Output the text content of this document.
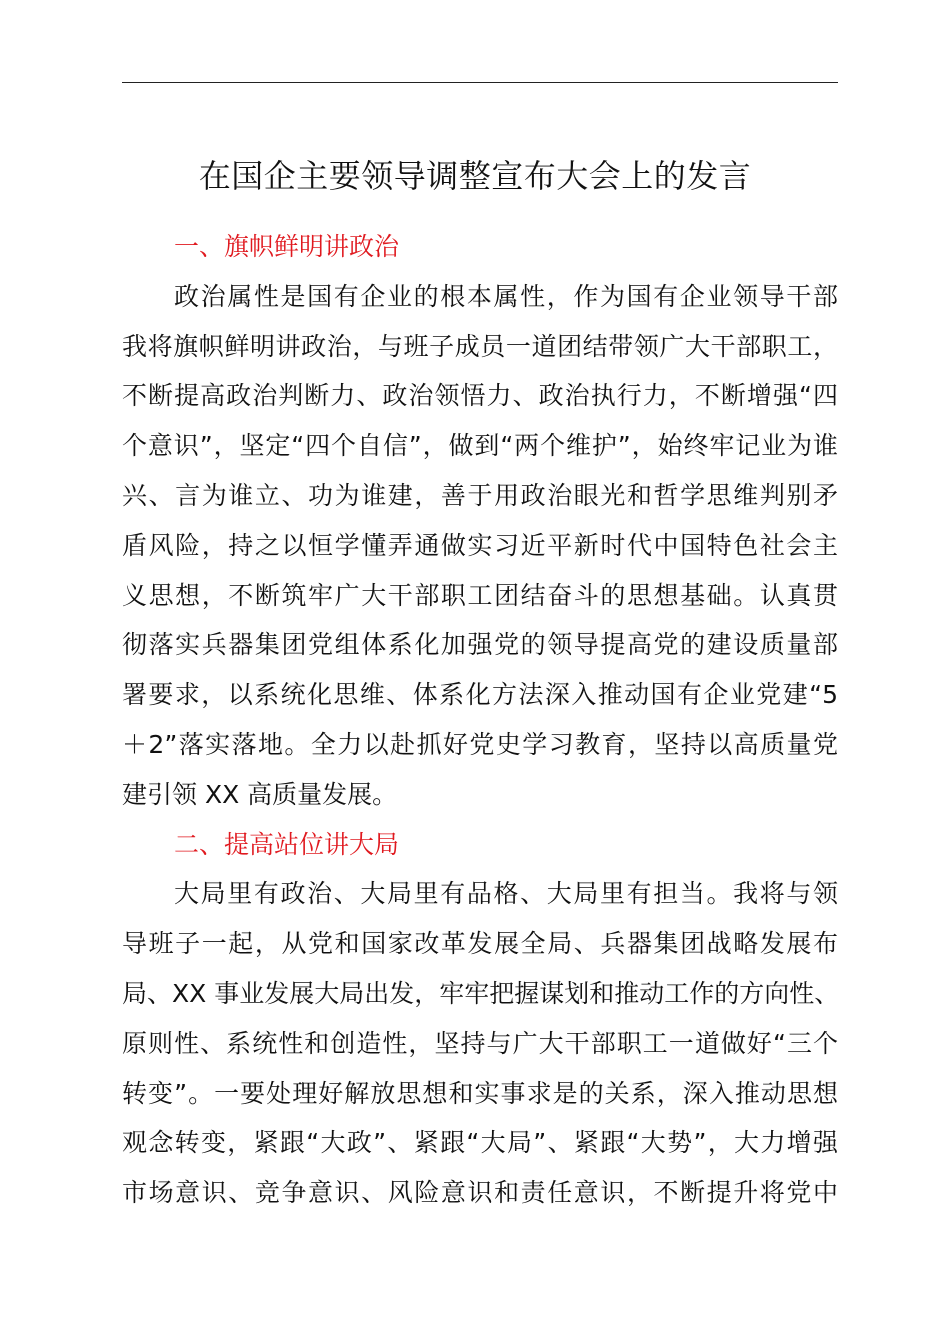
在国企主要领导调整宣布大会上的发言
一、旗帜鲜明讲政治
政治属性是国有企业的根本属性，作为国有企业领导干部
我将旗帜鲜明讲政治，与班子成员一道团结带领广大干部职工，
不断提高政治判断力、政治领悟力、政治执行力，不断增强“四
个意识”，坚定“四个自信”，做到“两个维护”，始终牢记业为谁
兴、言为谁立、功为谁建，善于用政治眼光和哲学思维判别矛
盾风险，持之以恒学懂弄通做实习近平新时代中国特色社会主
义思想，不断筑牢广大干部职工团结奋斗的思想基础。认真贯
彻落实兵器集团党组体系化加强党的领导提高党的建设质量部
署要求，以系统化思维、体系化方法深入推动国有企业党建“5
＋2”落实落地。全力以赴抓好党史学习教育，坚持以高质量党
建引领 XX 高质量发展。
二、提高站位讲大局
大局里有政治、大局里有品格、大局里有担当。我将与领
导班子一起，从党和国家改革发展全局、兵器集团战略发展布
局、XX 事业发展大局出发，牢牢把握谋划和推动工作的方向性、
原则性、系统性和创造性，坚持与广大干部职工一道做好“三个
转变”。一要处理好解放思想和实事求是的关系，深入推动思想
观念转变，紧跟“大政”、紧跟“大局”、紧跟“大势”，大力增强
市场意识、竞争意识、风险意识和责任意识，不断提升将党中
